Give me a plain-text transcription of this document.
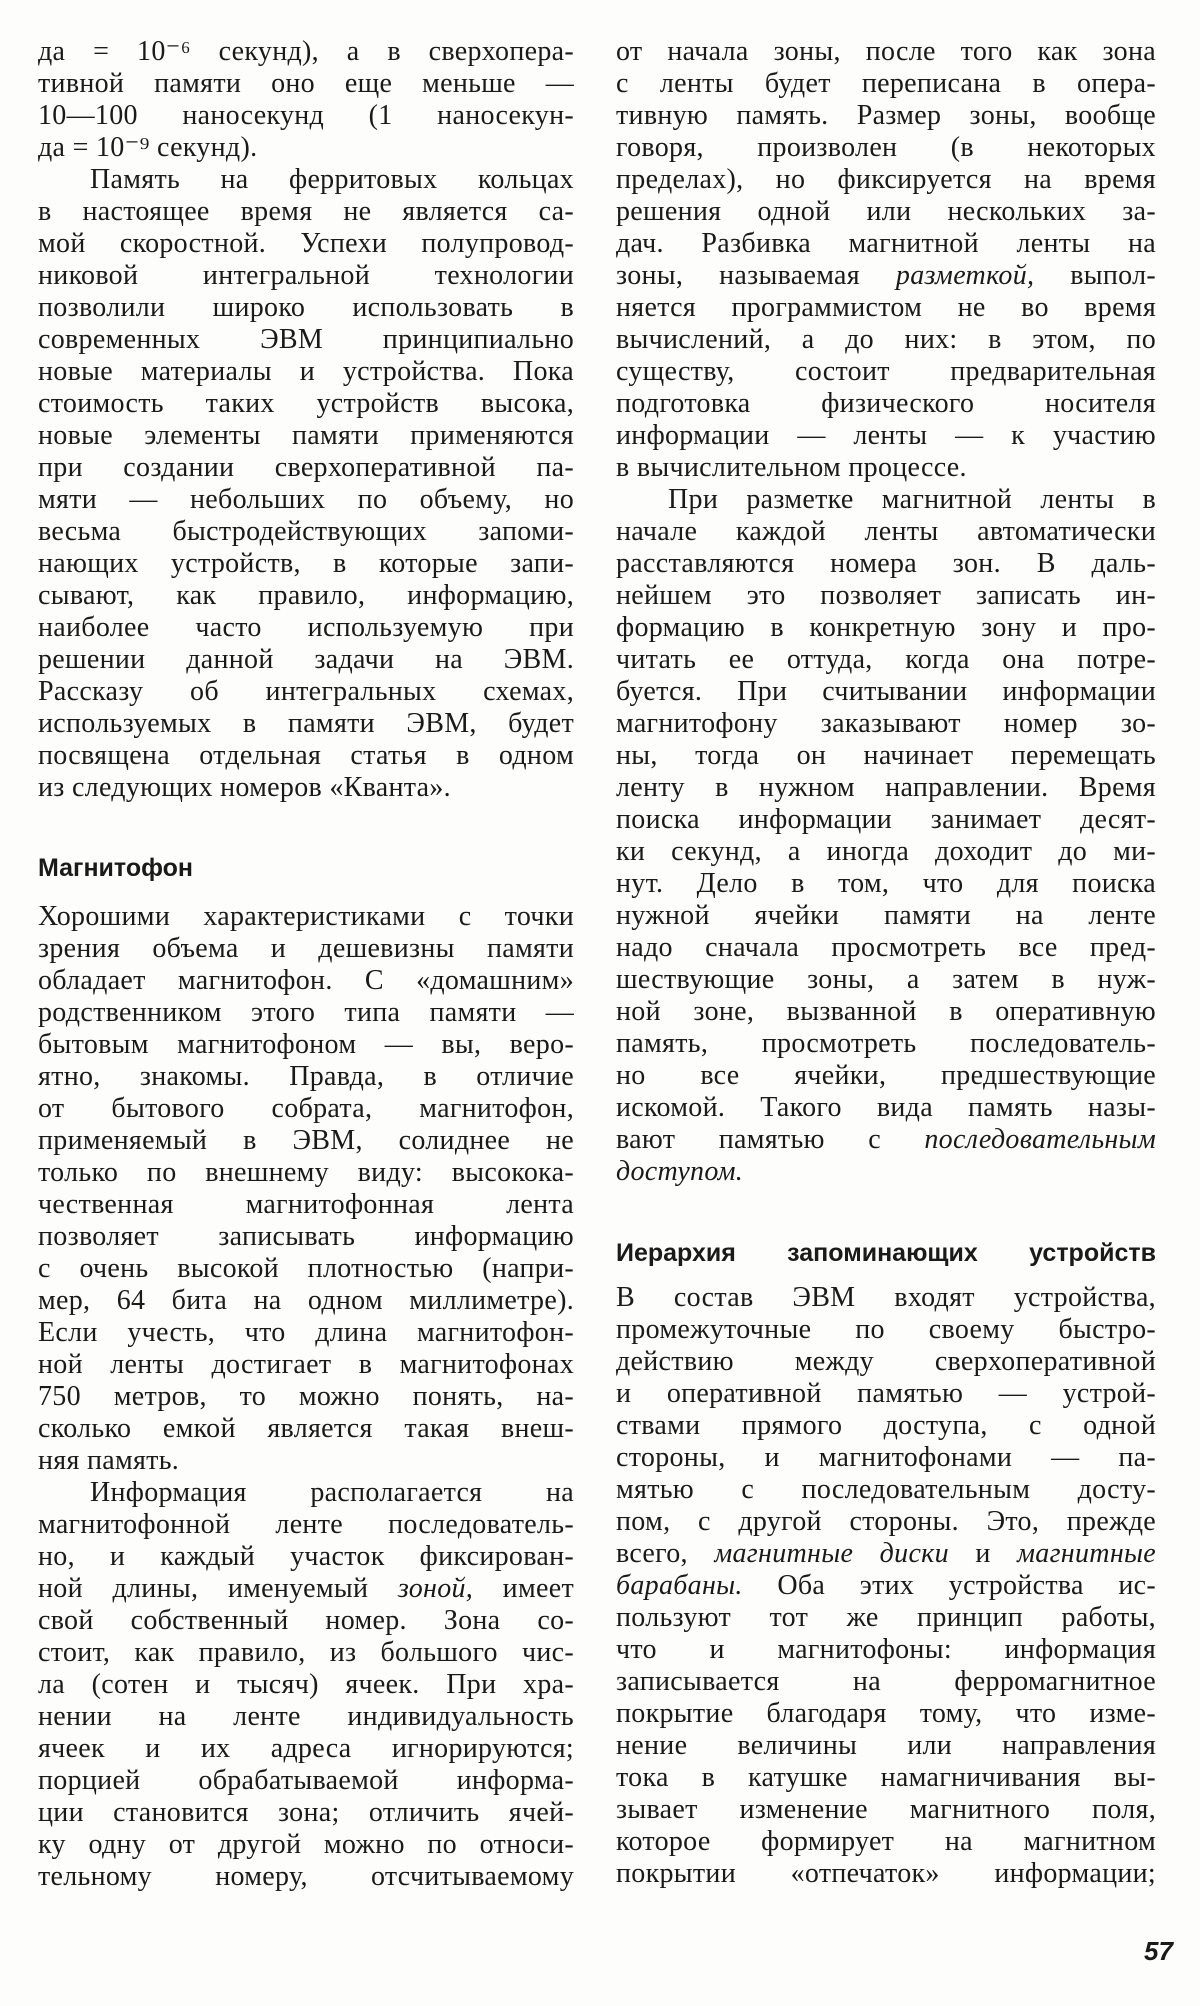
да = 10⁻⁶ секунд), а в сверхопера-
тивной памяти оно еще меньше —
10—100 наносекунд (1 наносекун-
да = 10⁻⁹ секунд).
Память на ферритовых кольцах
в настоящее время не является са-
мой скоростной. Успехи полупровод-
никовой интегральной технологии
позволили широко использовать в
современных ЭВМ принципиально
новые материалы и устройства. Пока
стоимость таких устройств высока,
новые элементы памяти применяются
при создании сверхоперативной па-
мяти — небольших по объему, но
весьма быстродействующих запоми-
нающих устройств, в которые запи-
сывают, как правило, информацию,
наиболее часто используемую при
решении данной задачи на ЭВМ.
Рассказу об интегральных схемах,
используемых в памяти ЭВМ, будет
посвящена отдельная статья в одном
из следующих номеров «Кванта».
Магнитофон
Хорошими характеристиками с точки
зрения объема и дешевизны памяти
обладает магнитофон. С «домашним»
родственником этого типа памяти —
бытовым магнитофоном — вы, веро-
ятно, знакомы. Правда, в отличие
от бытового собрата, магнитофон,
применяемый в ЭВМ, солиднее не
только по внешнему виду: высокока-
чественная магнитофонная лента
позволяет записывать информацию
с очень высокой плотностью (напри-
мер, 64 бита на одном миллиметре).
Если учесть, что длина магнитофон-
ной ленты достигает в магнитофонах
750 метров, то можно понять, на-
сколько емкой является такая внеш-
няя память.
Информация располагается на
магнитофонной ленте последователь-
но, и каждый участок фиксирован-
ной длины, именуемый зоной, имеет
свой собственный номер. Зона со-
стоит, как правило, из большого чис-
ла (сотен и тысяч) ячеек. При хра-
нении на ленте индивидуальность
ячеек и их адреса игнорируются;
порцией обрабатываемой информа-
ции становится зона; отличить ячей-
ку одну от другой можно по относи-
тельному номеру, отсчитываемому
от начала зоны, после того как зона
с ленты будет переписана в опера-
тивную память. Размер зоны, вообще
говоря, произволен (в некоторых
пределах), но фиксируется на время
решения одной или нескольких за-
дач. Разбивка магнитной ленты на
зоны, называемая разметкой, выпол-
няется программистом не во время
вычислений, а до них: в этом, по
существу, состоит предварительная
подготовка физического носителя
информации — ленты — к участию
в вычислительном процессе.
При разметке магнитной ленты в
начале каждой ленты автоматически
расставляются номера зон. В даль-
нейшем это позволяет записать ин-
формацию в конкретную зону и про-
читать ее оттуда, когда она потре-
буется. При считывании информации
магнитофону заказывают номер зо-
ны, тогда он начинает перемещать
ленту в нужном направлении. Время
поиска информации занимает десят-
ки секунд, а иногда доходит до ми-
нут. Дело в том, что для поиска
нужной ячейки памяти на ленте
надо сначала просмотреть все пред-
шествующие зоны, а затем в нуж-
ной зоне, вызванной в оперативную
память, просмотреть последователь-
но все ячейки, предшествующие
искомой. Такого вида память назы-
вают памятью с последовательным
доступом.
Иерархия запоминающих устройств
В состав ЭВМ входят устройства,
промежуточные по своему быстро-
действию между сверхоперативной
и оперативной памятью — устрой-
ствами прямого доступа, с одной
стороны, и магнитофонами — па-
мятью с последовательным досту-
пом, с другой стороны. Это, прежде
всего, магнитные диски и магнитные
барабаны. Оба этих устройства ис-
пользуют тот же принцип работы,
что и магнитофоны: информация
записывается на ферромагнитное
покрытие благодаря тому, что изме-
нение величины или направления
тока в катушке намагничивания вы-
зывает изменение магнитного поля,
которое формирует на магнитном
покрытии «отпечаток» информации;
57
